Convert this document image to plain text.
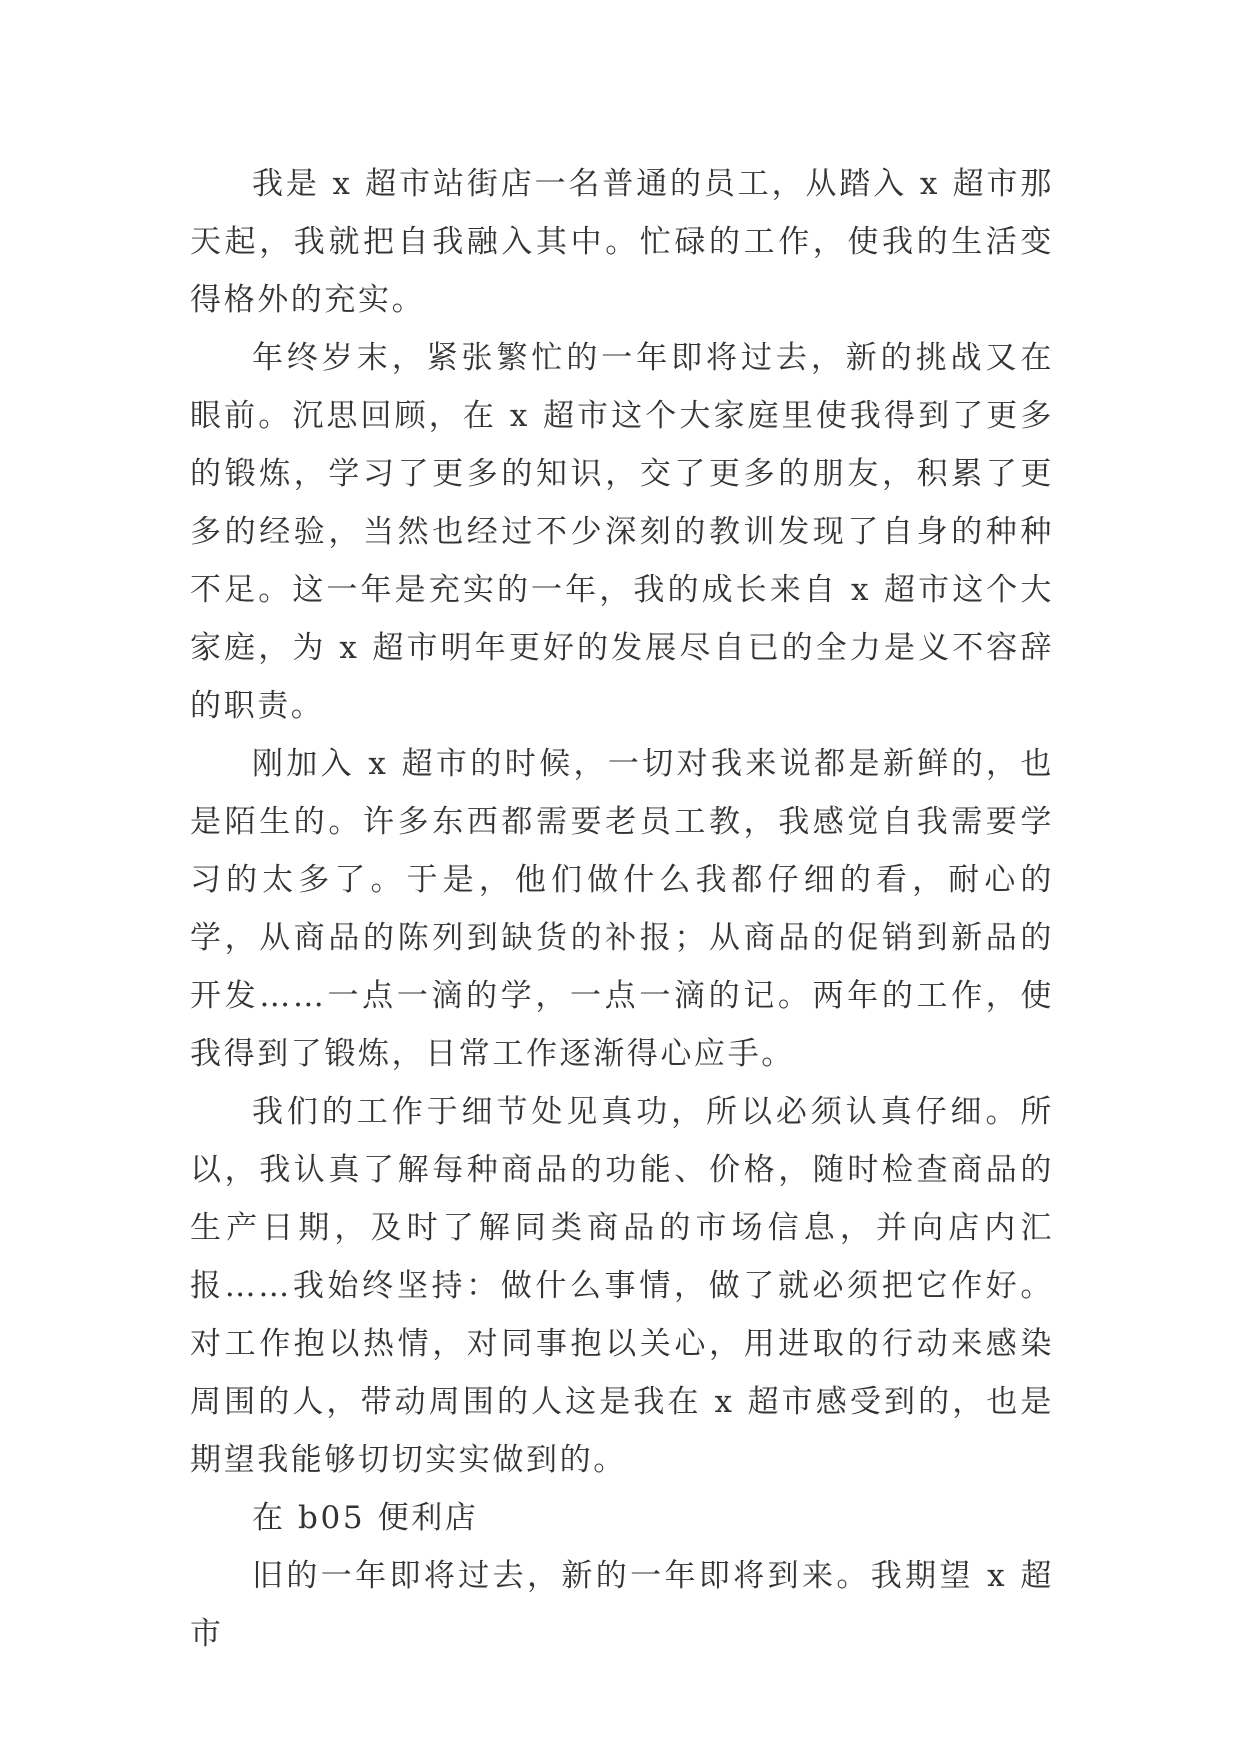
我是 x 超市站街店一名普通的员工，从踏入 x 超市那天起，我就把自我融入其中。忙碌的工作，使我的生活变得格外的充实。

年终岁末，紧张繁忙的一年即将过去，新的挑战又在眼前。沉思回顾，在 x 超市这个大家庭里使我得到了更多的锻炼，学习了更多的知识，交了更多的朋友，积累了更多的经验，当然也经过不少深刻的教训发现了自身的种种不足。这一年是充实的一年，我的成长来自 x 超市这个大家庭，为 x 超市明年更好的发展尽自已的全力是义不容辞的职责。

刚加入 x 超市的时候，一切对我来说都是新鲜的，也是陌生的。许多东西都需要老员工教，我感觉自我需要学习的太多了。于是，他们做什么我都仔细的看，耐心的学，从商品的陈列到缺货的补报；从商品的促销到新品的开发……一点一滴的学，一点一滴的记。两年的工作，使我得到了锻炼，日常工作逐渐得心应手。

我们的工作于细节处见真功，所以必须认真仔细。所以，我认真了解每种商品的功能、价格，随时检查商品的生产日期，及时了解同类商品的市场信息，并向店内汇报……我始终坚持：做什么事情，做了就必须把它作好。对工作抱以热情，对同事抱以关心，用进取的行动来感染周围的人，带动周围的人这是我在 x 超市感受到的，也是期望我能够切切实实做到的。

在 b05 便利店

旧的一年即将过去，新的一年即将到来。我期望 x 超市
